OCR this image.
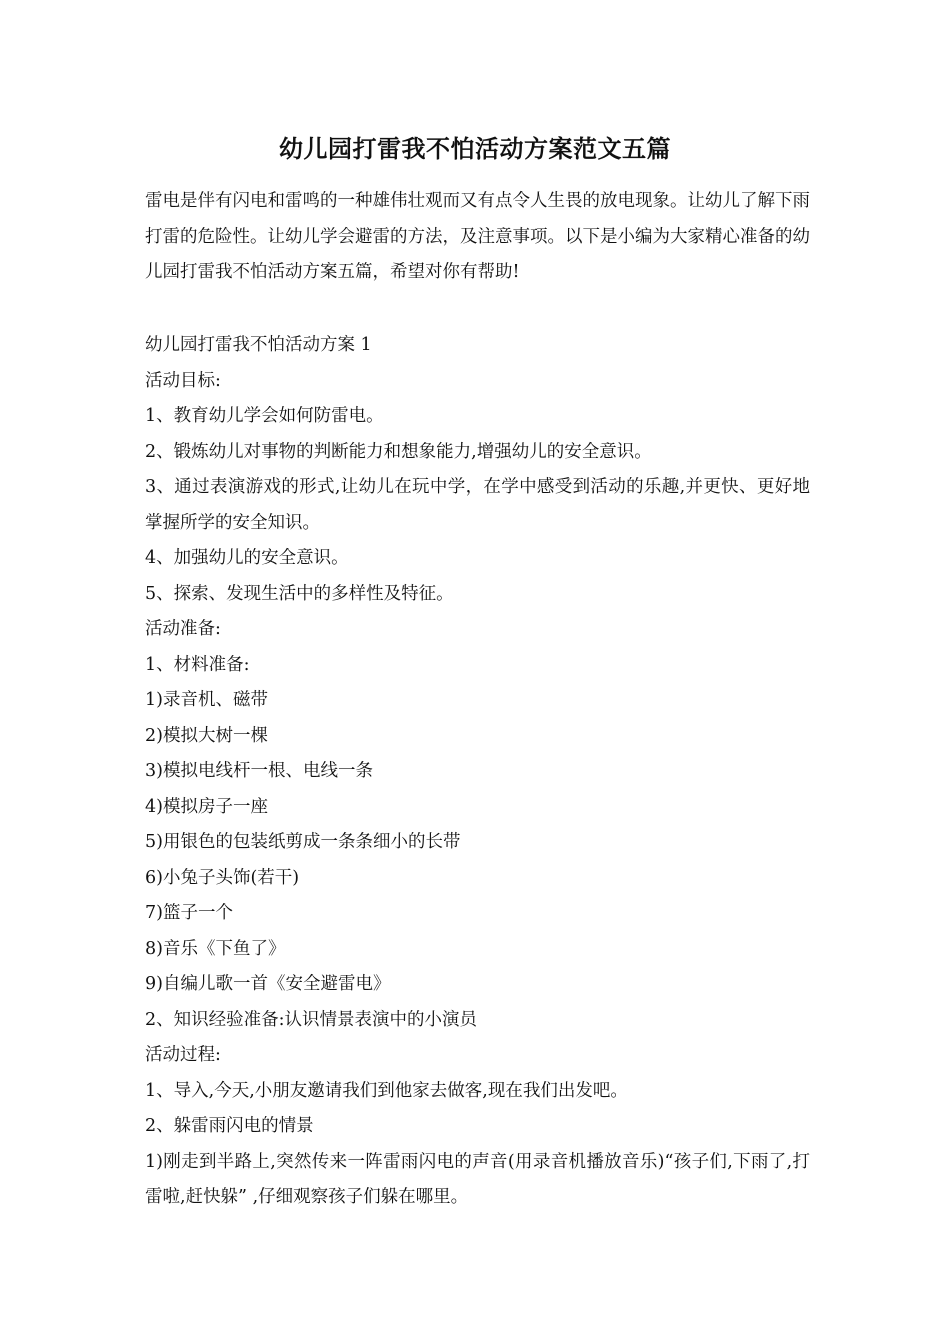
幼儿园打雷我不怕活动方案范文五篇
雷电是伴有闪电和雷鸣的一种雄伟壮观而又有点令人生畏的放电现象。让幼儿了解下雨打雷的危险性。让幼儿学会避雷的方法，及注意事项。以下是小编为大家精心准备的幼儿园打雷我不怕活动方案五篇，希望对你有帮助!
幼儿园打雷我不怕活动方案 1
活动目标:
1、教育幼儿学会如何防雷电。
2、锻炼幼儿对事物的判断能力和想象能力,增强幼儿的安全意识。
3、通过表演游戏的形式,让幼儿在玩中学，在学中感受到活动的乐趣,并更快、更好地掌握所学的安全知识。
4、加强幼儿的安全意识。
5、探索、发现生活中的多样性及特征。
活动准备:
1、材料准备:
1)录音机、磁带
2)模拟大树一棵
3)模拟电线杆一根、电线一条
4)模拟房子一座
5)用银色的包装纸剪成一条条细小的长带
6)小兔子头饰(若干)
7)篮子一个
8)音乐《下鱼了》
9)自编儿歌一首《安全避雷电》
2、知识经验准备:认识情景表演中的小演员
活动过程:
1、导入,今天,小朋友邀请我们到他家去做客,现在我们出发吧。
2、躲雷雨闪电的情景
1)刚走到半路上,突然传来一阵雷雨闪电的声音(用录音机播放音乐)“孩子们,下雨了,打雷啦,赶快躲” ,仔细观察孩子们躲在哪里。
